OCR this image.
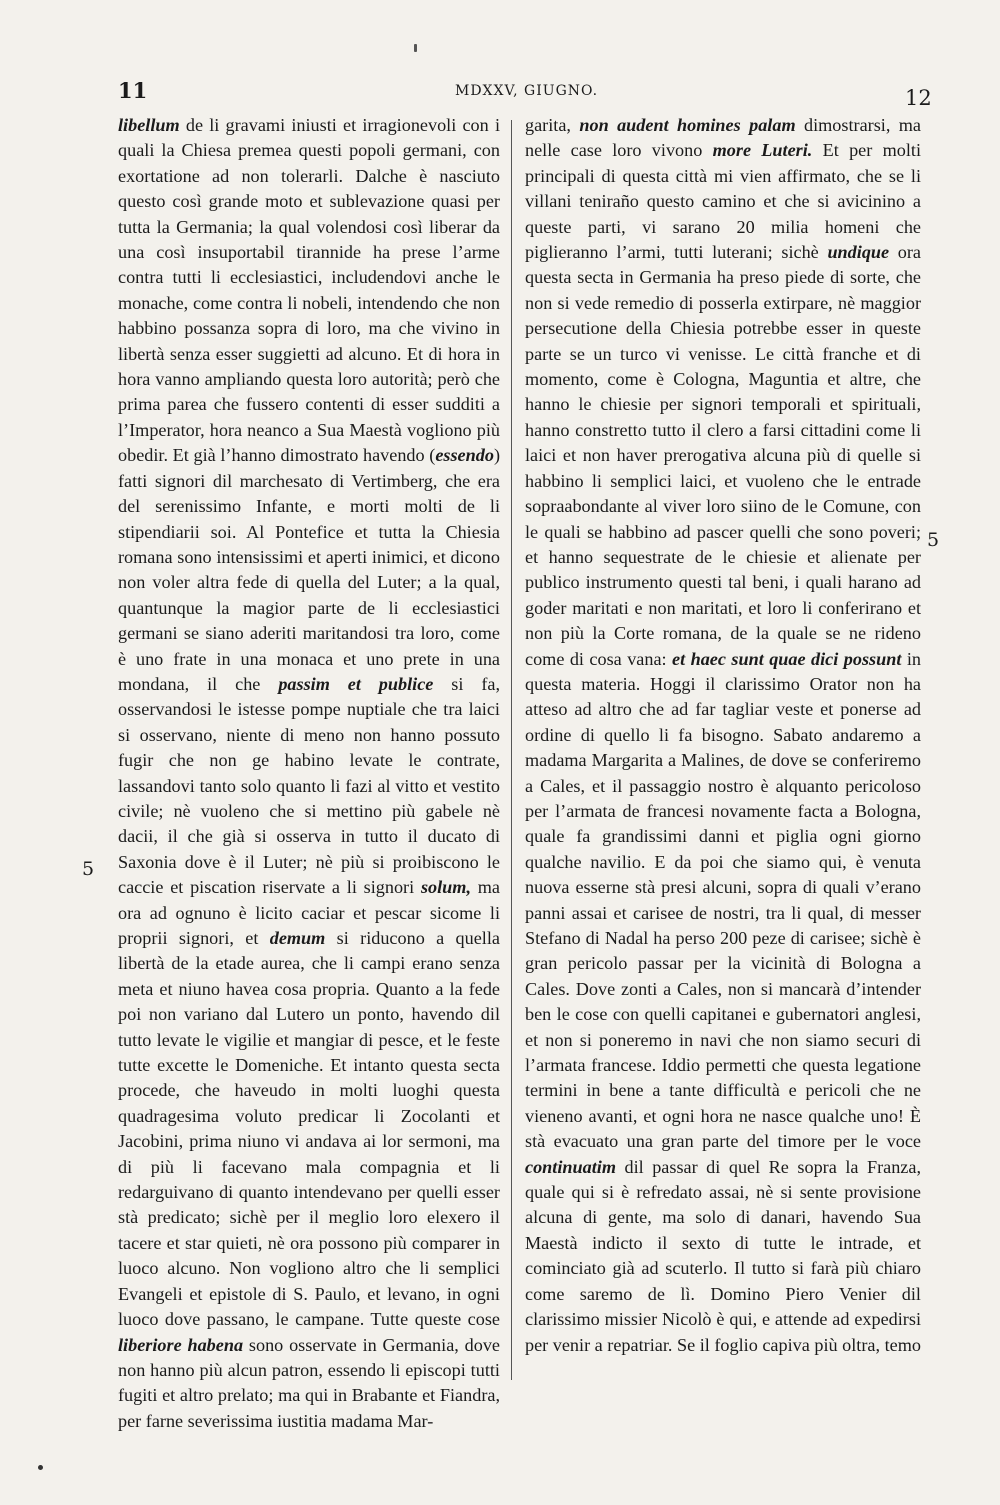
11	MDXXV, GIUGNO.	12

libellum de li gravami iniusti et irragionevoli con i quali la Chiesa premea questi popoli germani, con exortatione ad non tolerarli. Dalche è nasciuto questo così grande moto et sublevazione quasi per tutta la Germania; la qual volendosi così liberar da una così insuportabil tirannide ha prese l’arme contra tutti li ecclesiastici, includendovi anche le monache, come contra li nobeli, intendendo che non habbino possanza sopra di loro, ma che vivino in libertà senza esser suggietti ad alcuno. Et di hora in hora vanno ampliando questa loro autorità; però che prima parea che fussero contenti di esser sudditi a l’Imperator, hora neanco a Sua Maestà vogliono più obedir. Et già l’hanno dimostrato havendo (essendo) fatti signori dil marchesato di Vertimberg, che era del serenissimo Infante, e morti molti de li stipendiarii soi. Al Pontefice et tutta la Chiesia romana sono intensissimi et aperti inimici, et dicono non voler altra fede di quella del Luter; a la qual, quantunque la magior parte de li ecclesiastici germani se siano aderiti maritandosi tra loro, come è uno frate in una monaca et uno prete in una mondana, il che passim et publice si fa, osservandosi le istesse pompe nuptiale che tra laici si osservano, niente di meno non hanno possuto fugir che non ge habino levate le contrate, lassandovi tanto solo quanto li fazi al vitto et vestito civile; nè vuoleno che si mettino più gabele nè dacii, il che già si osserva in tutto il ducato di Saxonia dove è il Luter; nè più si proibiscono le caccie et piscation riservate a li signori solum, ma ora ad ognuno è licito caciar et pescar sicome li proprii signori, et demum si riducono a quella libertà de la etade aurea, che li campi erano senza meta et niuno havea cosa propria. Quanto a la fede poi non variano dal Lutero un ponto, havendo dil tutto levate le vigilie et mangiar di pesce, et le feste tutte excette le Domeniche. Et intanto questa secta procede, che haveudo in molti luoghi questa quadragesima voluto predicar li Zocolanti et Jacobini, prima niuno vi andava ai lor sermoni, ma di più li facevano mala compagnia et li redarguivano di quanto intendevano per quelli esser stà predicato; sichè per il meglio loro elexero il tacere et star quieti, nè ora possono più comparer in luoco alcuno. Non vogliono altro che li semplici Evangeli et epistole di S. Paulo, et levano, in ogni luoco dove passano, le campane. Tutte queste cose liberiore habena sono osservate in Germania, dove non hanno più alcun patron, essendo li episcopi tutti fugiti et altro prelato; ma qui in Brabante et Fiandra, per farne severissima iustitia madama Mar-

garita, non audent homines palam dimostrarsi, ma nelle case loro vivono more Luteri. Et per molti principali di questa città mi vien affirmato, che se li villani teniraño questo camino et che si avicinino a queste parti, vi sarano 20 milia homeni che piglieranno l’armi, tutti luterani; sichè undique ora questa secta in Germania ha preso piede di sorte, che non si vede remedio di posserla extirpare, nè maggior persecutione della Chiesia potrebbe esser in queste parte se un turco vi venisse. Le città franche et di momento, come è Cologna, Maguntia et altre, che hanno le chiesie per signori temporali et spirituali, hanno constretto tutto il clero a farsi cittadini come li laici et non haver prerogativa alcuna più di quelle si habbino li semplici laici, et vuoleno che le entrade sopraabondante al viver loro siino de le Comune, con le quali se habbino ad pascer quelli che sono poveri; et hanno sequestrate de le chiesie et alienate per publico instrumento questi tal beni, i quali harano ad goder maritati e non maritati, et loro li conferirano et non più la Corte romana, de la quale se ne rideno come di cosa vana: et haec sunt quae dici possunt in questa materia. Hoggi il clarissimo Orator non ha atteso ad altro che ad far tagliar veste et ponerse ad ordine di quello li fa bisogno. Sabato andaremo a madama Margarita a Malines, de dove se conferiremo a Cales, et il passaggio nostro è alquanto pericoloso per l’armata de francesi novamente facta a Bologna, quale fa grandissimi danni et piglia ogni giorno qualche navilio. E da poi che siamo qui, è venuta nuova esserne stà presi alcuni, sopra di quali v’erano panni assai et carisee de nostri, tra li qual, di messer Stefano di Nadal ha perso 200 peze di carisee; sichè è gran pericolo passar per la vicinità di Bologna a Cales. Dove zonti a Cales, non si mancarà d’intender ben le cose con quelli capitanei e gubernatori anglesi, et non si poneremo in navi che non siamo securi di l’armata francese. Iddio permetti che questa legatione termini in bene a tante difficultà e pericoli che ne vieneno avanti, et ogni hora ne nasce qualche uno! È stà evacuato una gran parte del timore per le voce continuatim dil passar di quel Re sopra la Franza, quale qui si è refredato assai, nè si sente provisione alcuna di gente, ma solo di danari, havendo Sua Maestà indicto il sexto di tutte le intrade, et cominciato già ad scuterlo. Il tutto si farà più chiaro come saremo de lì. Domino Piero Venier dil clarissimo missier Nicolò è qui, e attende ad expedirsi per venir a repatriar. Se il foglio capiva più oltra, temo

5
5
